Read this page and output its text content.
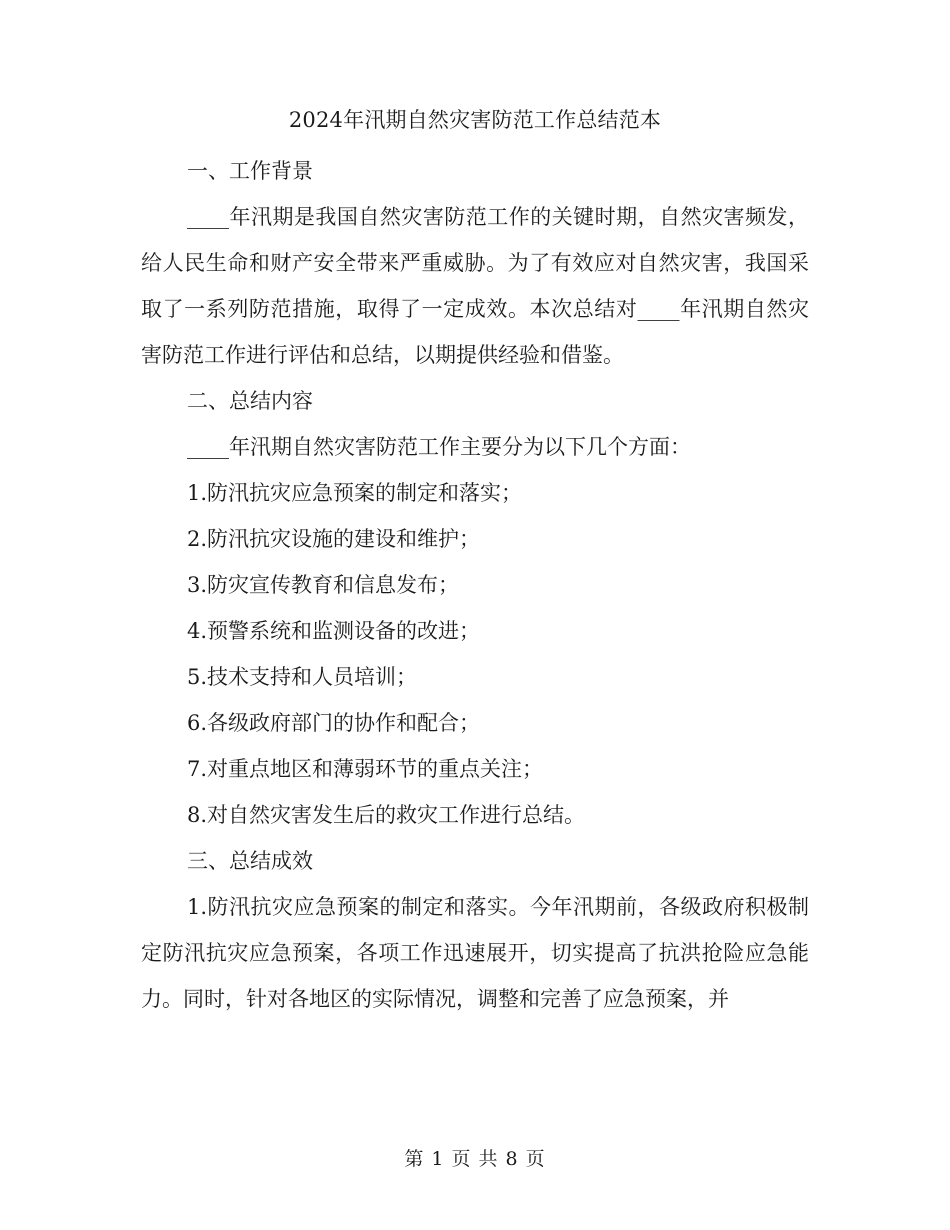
2024年汛期自然灾害防范工作总结范本

一、工作背景

____年汛期是我国自然灾害防范工作的关键时期，自然灾害频发，给人民生命和财产安全带来严重威胁。为了有效应对自然灾害，我国采取了一系列防范措施，取得了一定成效。本次总结对____年汛期自然灾害防范工作进行评估和总结，以期提供经验和借鉴。

二、总结内容

____年汛期自然灾害防范工作主要分为以下几个方面：

1.防汛抗灾应急预案的制定和落实；

2.防汛抗灾设施的建设和维护；

3.防灾宣传教育和信息发布；

4.预警系统和监测设备的改进；

5.技术支持和人员培训；

6.各级政府部门的协作和配合；

7.对重点地区和薄弱环节的重点关注；

8.对自然灾害发生后的救灾工作进行总结。

三、总结成效

1.防汛抗灾应急预案的制定和落实。今年汛期前，各级政府积极制定防汛抗灾应急预案，各项工作迅速展开，切实提高了抗洪抢险应急能力。同时，针对各地区的实际情况，调整和完善了应急预案，并

第 1 页 共 8 页
